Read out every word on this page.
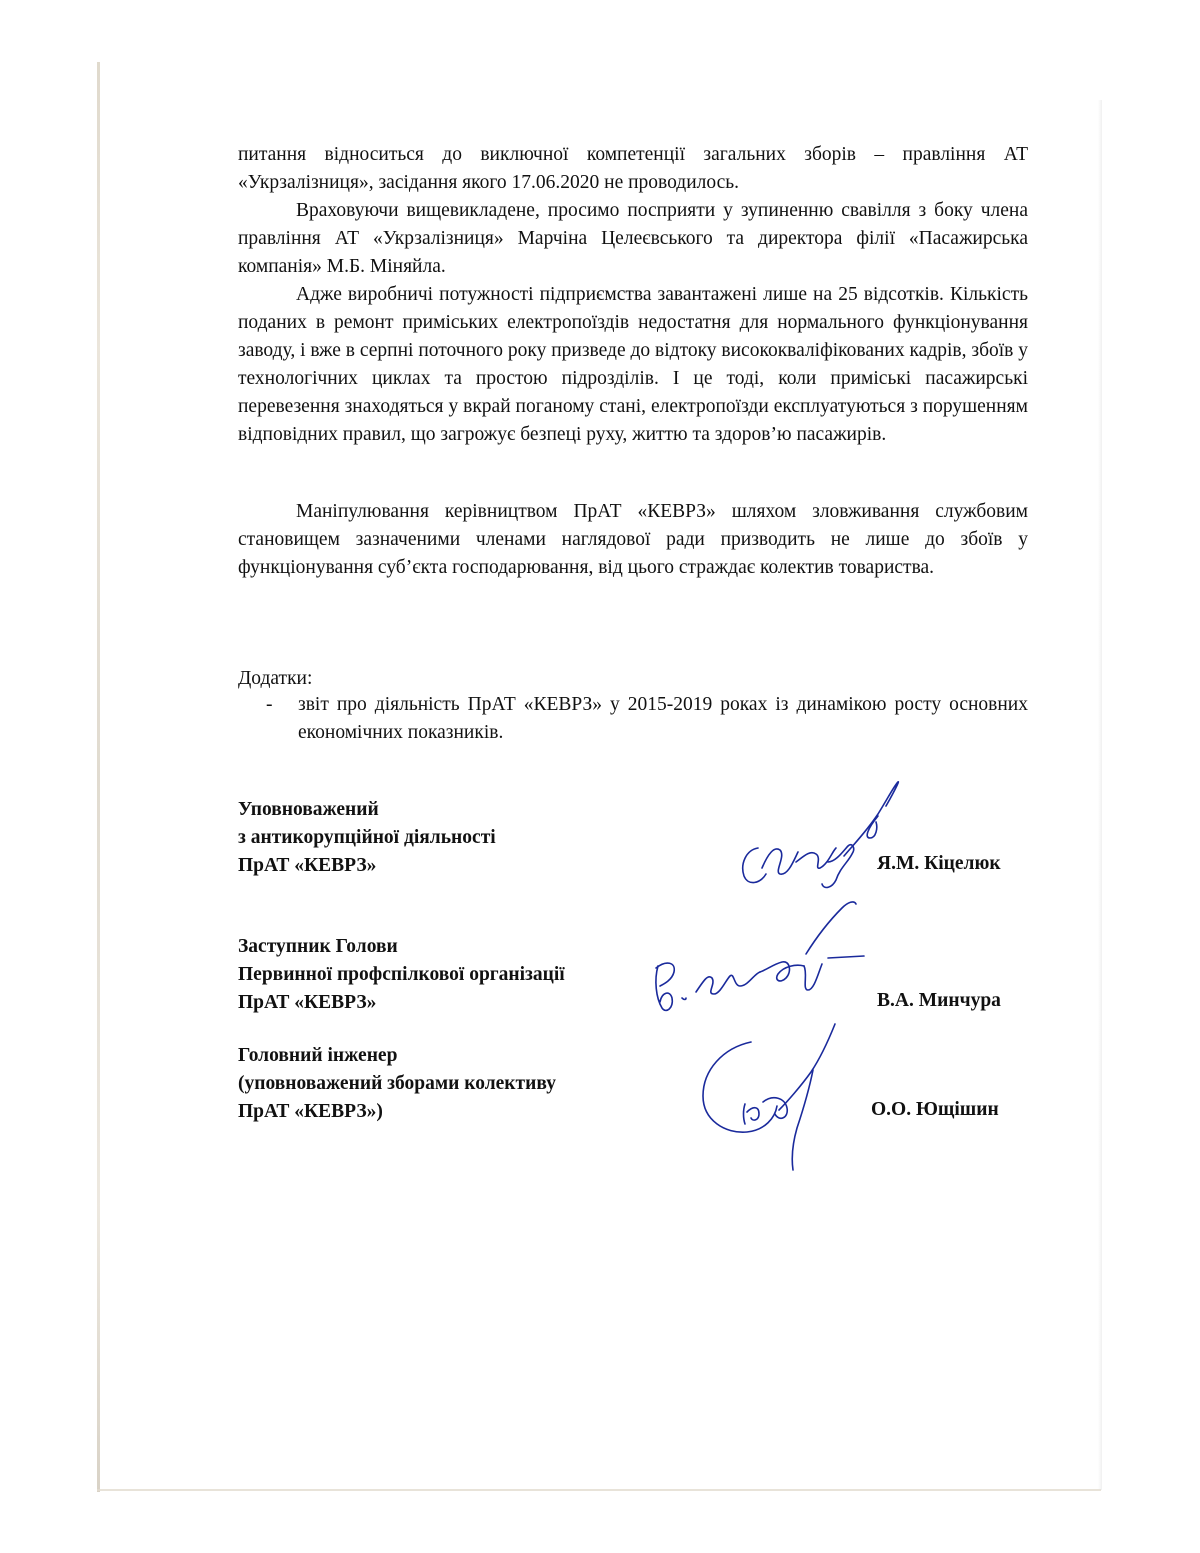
питання відноситься до виключної компетенції загальних зборів – правління АТ «Укрзалізниця», засідання якого 17.06.2020 не проводилось.

Враховуючи вищевикладене, просимо посприяти у зупиненню свавілля з боку члена правління АТ «Укрзалізниця» Марчіна Целеєвського та директора філії «Пасажирська компанія» М.Б. Міняйла.

Адже виробничі потужності підприємства завантажені лише на 25 відсотків. Кількість поданих в ремонт приміських електропоїздів недостатня для нормального функціонування заводу, і вже в серпні поточного року призведе до відтоку висококваліфікованих кадрів, збоїв у технологічних циклах та простою підрозділів. І це тоді, коли приміські пасажирські перевезення знаходяться у вкрай поганому стані, електропоїзди експлуатуються з порушенням відповідних правил, що загрожує безпеці руху, життю та здоров’ю пасажирів.

Маніпулювання керівництвом ПрАТ «КЕВРЗ» шляхом зловживання службовим становищем зазначеними членами наглядової ради призводить не лише до збоїв у функціонування суб’єкта господарювання, від цього страждає колектив товариства.

Додатки:
- звіт про діяльність ПрАТ «КЕВРЗ» у 2015-2019 роках із динамікою росту основних економічних показників.
Уповноважений
з антикорупційної діяльності
ПрАТ «КЕВРЗ»	Я.М. Кіцелюк
Заступник Голови
Первинної профспілкової організації
ПрАТ «КЕВРЗ»	В.А. Минчура
Головний інженер
(уповноважений зборами колективу
ПрАТ «КЕВРЗ»)	О.О. Ющішин
